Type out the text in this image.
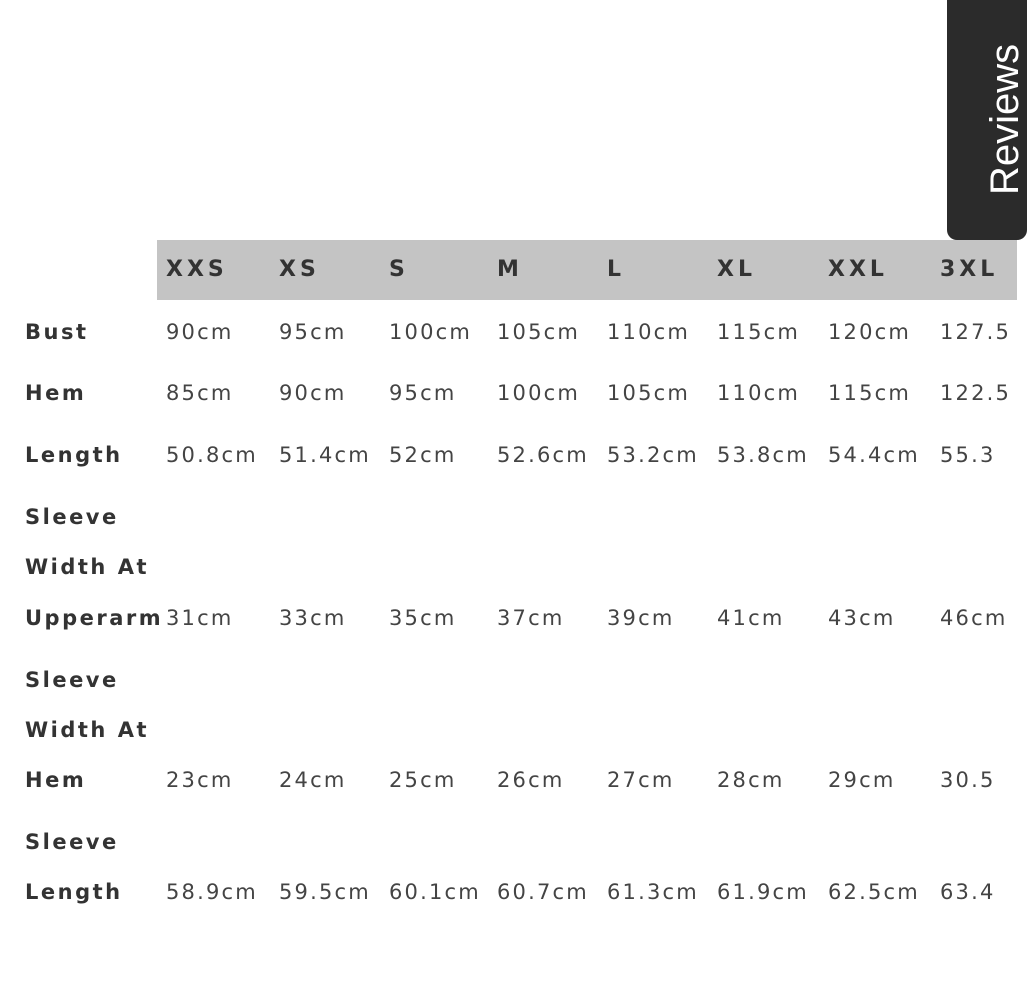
XXS XS	S	M	L	XL	XXL 3XL
Bust	90cm 95cm 100cm 105cm 110cm 115cm 120cm 127.5
Hem	85cm 90cm 95cm 100cm 105cm 110cm 115cm 122.5
Length 50.8cm 51.4cm 52cm 52.6cm 53.2cm 53.8cm 54.4cm 55.3
Sleeve
Width At
Upperarm 31cm 33cm 35cm 37cm 39cm 41cm 43cm 46cm
Sleeve
Width At
Hem	23cm 24cm 25cm 26cm 27cm 28cm 29cm 30.5
Sleeve
Length 58.9cm 59.5cm 60.1cm 60.7cm 61.3cm 61.9cm 62.5cm 63.4
Reviews
